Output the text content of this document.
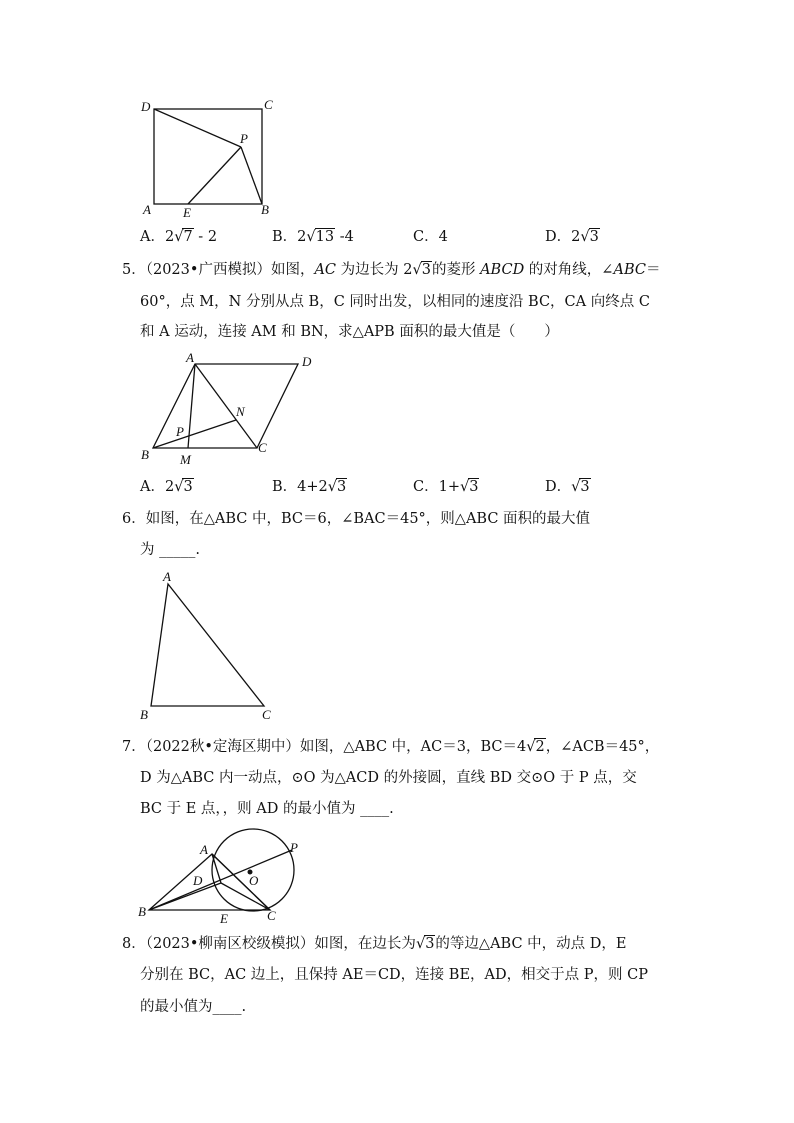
D	C
P
A E	B
A．2√7 - 2	B．2√13 -4	C．4	D．2√3
5．（2023•广西模拟）如图，AC 为边长为 2√3的菱形 ABCD 的对角线，∠ABC＝
60°，点 M，N 分别从点 B，C 同时出发，以相同的速度沿 BC，CA 向终点 C
和 A 运动，连接 AM 和 BN，求△APB 面积的最大值是（　　）
A	D
N
P
B M
C
A．2√3	B．4+2√3	C．1+√3	D．√3
6．如图，在△ABC 中，BC＝6，∠BAC＝45°，则△ABC 面积的最大值
为 _____.
A
B	C
7．（2022秋•定海区期中）如图，△ABC 中，AC＝3，BC＝4√2，∠ACB＝45°，
D 为△ABC 内一动点，⊙O 为△ACD 的外接圆，直线 BD 交⊙O 于 P 点，交
BC 于 E 点，，则 AD 的最小值为 ____.
A	P
D	O
B	E	C
8．（2023•柳南区校级模拟）如图，在边长为√3的等边△ABC 中，动点 D，E
分别在 BC，AC 边上，且保持 AE＝CD，连接 BE，AD，相交于点 P，则 CP
的最小值为____.
